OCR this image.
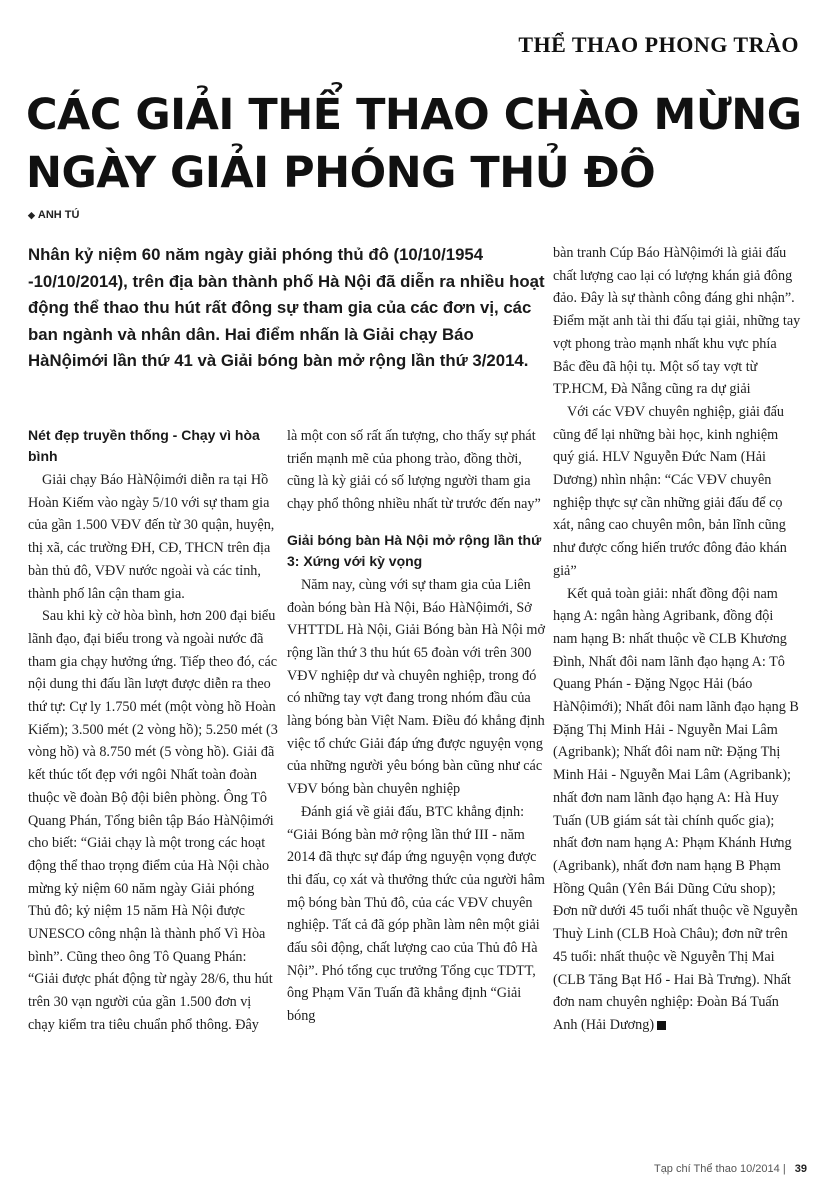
THỂ THAO PHONG TRÀO
CÁC GIẢI THỂ THAO CHÀO MỪNG
NGÀY GIẢI PHÓNG THỦ ĐÔ
◆ ANH TÚ
Nhân kỷ niệm 60 năm ngày giải phóng thủ đô (10/10/1954 -10/10/2014), trên địa bàn thành phố Hà Nội đã diễn ra nhiều hoạt động thể thao thu hút rất đông sự tham gia của các đơn vị, các ban ngành và nhân dân. Hai điểm nhấn là Giải chạy Báo HàNộimới lần thứ 41 và Giải bóng bàn mở rộng lần thứ 3/2014.
Nét đẹp truyền thống - Chạy vì hòa bình

Giải chạy Báo HàNộimới diễn ra tại Hồ Hoàn Kiếm vào ngày 5/10 với sự tham gia của gần 1.500 VĐV đến từ 30 quận, huyện, thị xã, các trường ĐH, CĐ, THCN trên địa bàn thủ đô, VĐV nước ngoài và các tỉnh, thành phố lân cận tham gia.

Sau khi kỳ cờ hòa bình, hơn 200 đại biểu lãnh đạo, đại biểu trong và ngoài nước đã tham gia chạy hưởng ứng. Tiếp theo đó, các nội dung thi đấu lần lượt được diễn ra theo thứ tự: Cự ly 1.750 mét (một vòng hồ Hoàn Kiếm); 3.500 mét (2 vòng hồ); 5.250 mét (3 vòng hồ) và 8.750 mét (5 vòng hồ). Giải đã kết thúc tốt đẹp với ngôi Nhất toàn đoàn thuộc về đoàn Bộ đội biên phòng. Ông Tô Quang Phán, Tổng biên tập Báo HàNộimới cho biết: “Giải chạy là một trong các hoạt động thể thao trọng điểm của Hà Nội chào mừng kỷ niệm 60 năm ngày Giải phóng Thủ đô; kỷ niệm 15 năm Hà Nội được UNESCO công nhận là thành phố Vì Hòa bình”. Cũng theo ông Tô Quang Phán: “Giải được phát động từ ngày 28/6, thu hút trên 30 vạn người của gần 1.500 đơn vị chạy kiểm tra tiêu chuẩn phổ thông. Đây

là một con số rất ấn tượng, cho thấy sự phát triển mạnh mẽ của phong trào, đồng thời, cũng là kỳ giải có số lượng người tham gia chạy phổ thông nhiều nhất từ trước đến nay”

Giải bóng bàn Hà Nội mở rộng lần thứ 3: Xứng với kỳ vọng

Năm nay, cùng với sự tham gia của Liên đoàn bóng bàn Hà Nội, Báo HàNộimới, Sở VHTTDL Hà Nội, Giải Bóng bàn Hà Nội mở rộng lần thứ 3 thu hút 65 đoàn với trên 300 VĐV nghiệp dư và chuyên nghiệp, trong đó có những tay vợt đang trong nhóm đầu của làng bóng bàn Việt Nam. Điều đó khẳng định việc tổ chức Giải đáp ứng được nguyện vọng của những người yêu bóng bàn cũng như các VĐV bóng bàn chuyên nghiệp

Đánh giá về giải đấu, BTC khẳng định: “Giải Bóng bàn mở rộng lần thứ III - năm 2014 đã thực sự đáp ứng nguyện vọng được thi đấu, cọ xát và thưởng thức của người hâm mộ bóng bàn Thủ đô, của các VĐV chuyên nghiệp. Tất cả đã góp phần làm nên một giải đấu sôi động, chất lượng cao của Thủ đô Hà Nội”. Phó tổng cục trưởng Tổng cục TDTT, ông Phạm Văn Tuấn đã khẳng định “Giải bóng

bàn tranh Cúp Báo HàNộimới là giải đấu chất lượng cao lại có lượng khán giả đông đảo. Đây là sự thành công đáng ghi nhận”. Điểm mặt anh tài thi đấu tại giải, những tay vợt phong trào mạnh nhất khu vực phía Bắc đều đã hội tụ. Một số tay vợt từ TP.HCM, Đà Nẵng cũng ra dự giải

Với các VĐV chuyên nghiệp, giải đấu cũng để lại những bài học, kinh nghiệm quý giá. HLV Nguyễn Đức Nam (Hải Dương) nhìn nhận: “Các VĐV chuyên nghiệp thực sự cần những giải đấu để cọ xát, nâng cao chuyên môn, bản lĩnh cũng như được cống hiến trước đông đảo khán giả”

Kết quả toàn giải: nhất đồng đội nam hạng A: ngân hàng Agribank, đồng đội nam hạng B: nhất thuộc về CLB Khương Đình, Nhất đôi nam lãnh đạo hạng A: Tô Quang Phán - Đặng Ngọc Hải (báo HàNộimới); Nhất đôi nam lãnh đạo hạng B Đặng Thị Minh Hải - Nguyễn Mai Lâm (Agribank); Nhất đôi nam nữ: Đặng Thị Minh Hải - Nguyễn Mai Lâm (Agribank); nhất đơn nam lãnh đạo hạng A: Hà Huy Tuấn (UB giám sát tài chính quốc gia); nhất đơn nam hạng A: Phạm Khánh Hưng (Agribank), nhất đơn nam hạng B Phạm Hồng Quân (Yên Bái Dũng Cửu shop); Đơn nữ dưới 45 tuổi nhất thuộc về Nguyễn Thuỳ Linh (CLB Hoà Châu); đơn nữ trên 45 tuổi: nhất thuộc về Nguyễn Thị Mai (CLB Tăng Bạt Hổ - Hai Bà Trưng). Nhất đơn nam chuyên nghiệp: Đoàn Bá Tuấn Anh (Hải Dương)

Tạp chí Thể thao 10/2014 | 39
